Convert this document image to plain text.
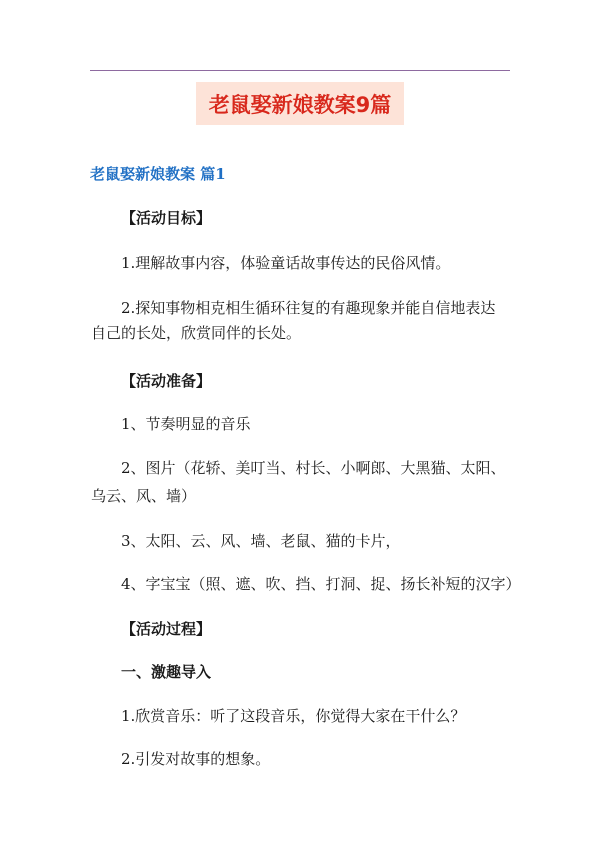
老鼠娶新娘教案9篇
老鼠娶新娘教案 篇1
【活动目标】
1.理解故事内容，体验童话故事传达的民俗风情。
2.探知事物相克相生循环往复的有趣现象并能自信地表达
自己的长处，欣赏同伴的长处。
【活动准备】
1、节奏明显的音乐
2、图片（花轿、美叮当、村长、小啊郎、大黑猫、太阳、
乌云、风、墙）
3、太阳、云、风、墙、老鼠、猫的卡片，
4、字宝宝（照、遮、吹、挡、打洞、捉、扬长补短的汉字）
【活动过程】
一、激趣导入
1.欣赏音乐：听了这段音乐，你觉得大家在干什么？
2.引发对故事的想象。
